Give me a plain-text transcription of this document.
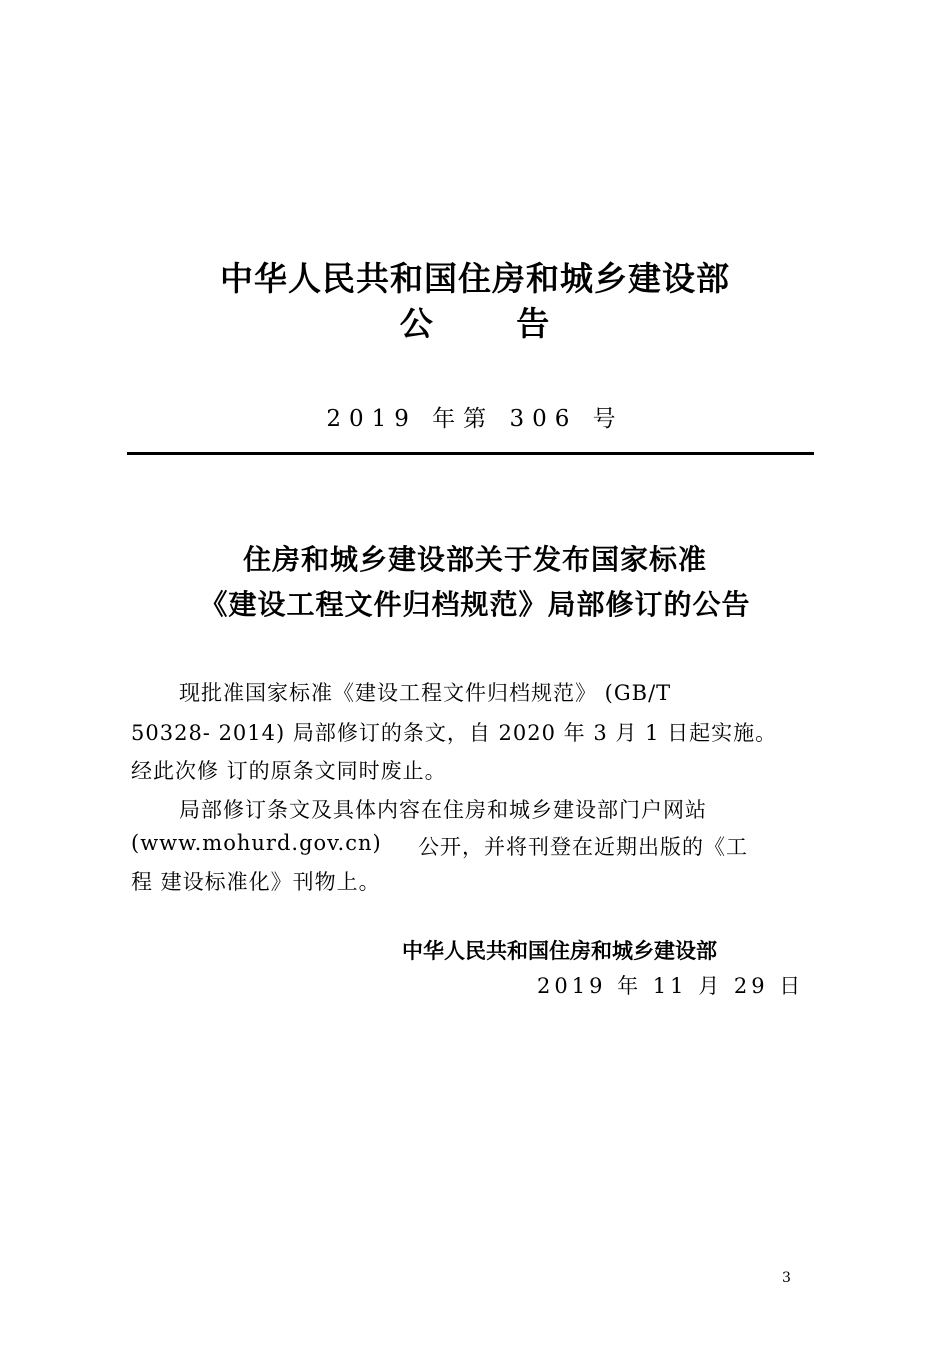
中华人民共和国住房和城乡建设部
公 告
2019 年第 306 号
住房和城乡建设部关于发布国家标准
《建设工程文件归档规范》局部修订的公告
现批准国家标准《建设工程文件归档规范》 (GB/T
50328- 2014) 局部修订的条文，自 2020 年 3 月 1 日起实施。
经此次修 订的原条文同时废止。
局部修订条文及具体内容在住房和城乡建设部门户网站
(www.mohurd.gov.cn) 公开，并将刊登在近期出版的《工
程 建设标准化》刊物上。
中华人民共和国住房和城乡建设部
2019 年 11 月 29 日
3
